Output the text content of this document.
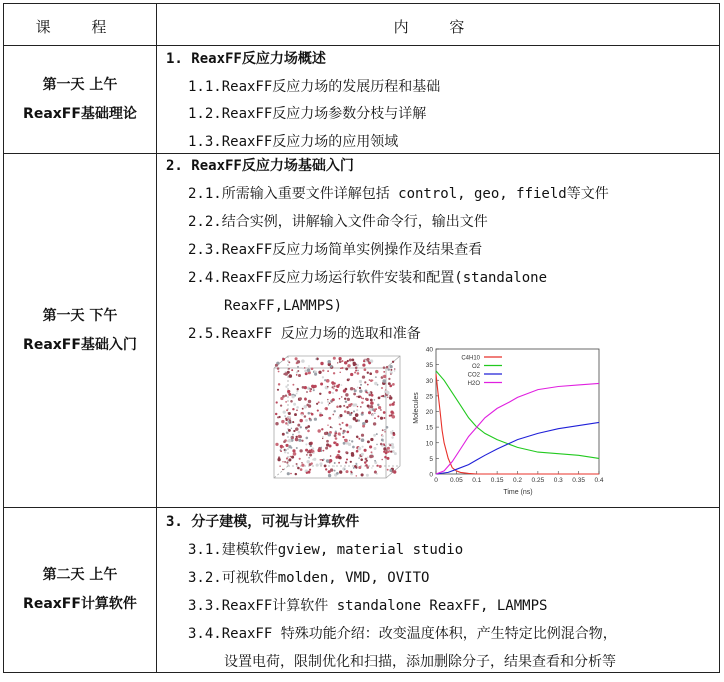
课 程	内 容
第一天 上午
ReaxFF基础理论
1. ReaxFF反应力场概述
1.1.ReaxFF反应力场的发展历程和基础
1.2.ReaxFF反应力场参数分枝与详解
1.3.ReaxFF反应力场的应用领域
第一天 下午
ReaxFF基础入门
2. ReaxFF反应力场基础入门
2.1.所需输入重要文件详解包括 control, geo, ffield等文件
2.2.结合实例，讲解输入文件命令行，输出文件
2.3.ReaxFF反应力场简单实例操作及结果查看
2.4.ReaxFF反应力场运行软件安装和配置(standalone
ReaxFF,LAMMPS)
2.5.ReaxFF 反应力场的选取和准备
Molecules
Time (ns)
0
5
10
15
20
25
30
35
40
0 0.05 0.1 0.15 0.2 0.25 0.3 0.35 0.4
C4H10
O2
CO2
H2O
第二天 上午
ReaxFF计算软件
3. 分子建模，可视与计算软件
3.1.建模软件gview, material studio
3.2.可视软件molden, VMD, OVITO
3.3.ReaxFF计算软件 standalone ReaxFF, LAMMPS
3.4.ReaxFF 特殊功能介绍：改变温度体积，产生特定比例混合物，
设置电荷，限制优化和扫描，添加删除分子，结果查看和分析等
